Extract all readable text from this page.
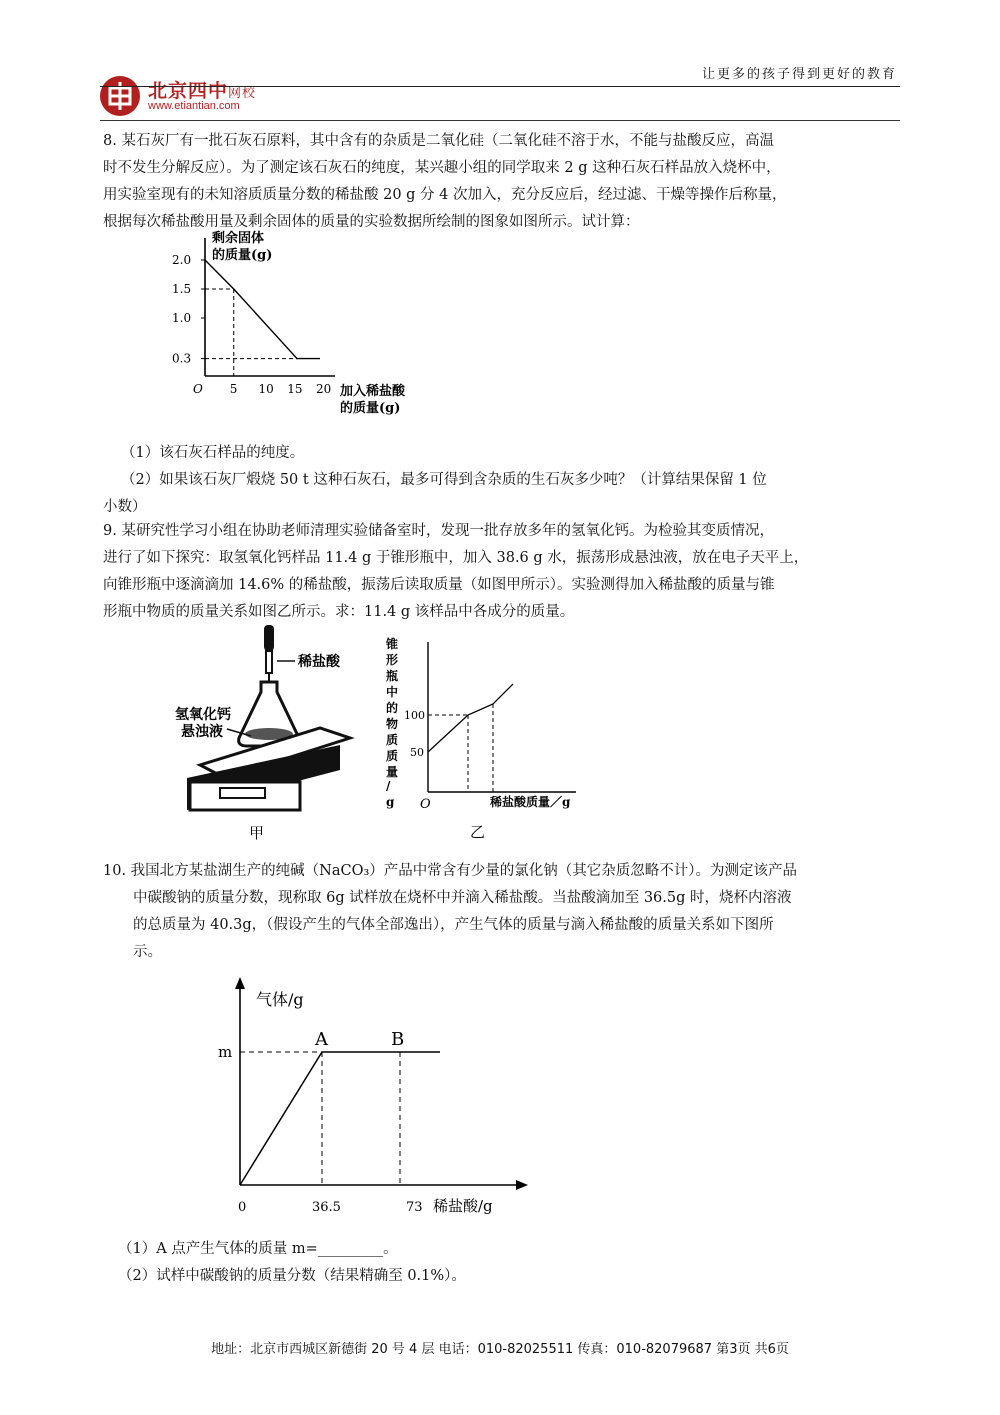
北京四中网校
www.etiantian.com
让更多的孩子得到更好的教育
8. 某石灰厂有一批石灰石原料，其中含有的杂质是二氧化硅（二氧化硅不溶于水，不能与盐酸反应，高温
时不发生分解反应）。为了测定该石灰石的纯度，某兴趣小组的同学取来 2 g 这种石灰石样品放入烧杯中，
用实验室现有的未知溶质质量分数的稀盐酸 20 g 分 4 次加入，充分反应后，经过滤、干燥等操作后称量，
根据每次稀盐酸用量及剩余固体的质量的实验数据所绘制的图象如图所示。试计算：
剩余固体
的质量(g)
2.0
1.5
1.0
0.3
O 5 10 15 20 加入稀盐酸
的质量(g)
（1）该石灰石样品的纯度。
（2）如果该石灰厂煅烧 50 t 这种石灰石，最多可得到含杂质的生石灰多少吨？（计算结果保留 1 位
小数）
9. 某研究性学习小组在协助老师清理实验储备室时，发现一批存放多年的氢氧化钙。为检验其变质情况，
进行了如下探究：取氢氧化钙样品 11.4 g 于锥形瓶中，加入 38.6 g 水，振荡形成悬浊液，放在电子天平上，
向锥形瓶中逐滴滴加 14.6% 的稀盐酸，振荡后读取质量（如图甲所示）。实验测得加入稀盐酸的质量与锥
形瓶中物质的质量关系如图乙所示。求：11.4 g 该样品中各成分的质量。
稀盐酸
氢氧化钙
悬浊液
甲
锥
形
瓶
中
的
物
质
质
量
/
g
100
50
O	稀盐酸质量／g
乙
10. 我国北方某盐湖生产的纯碱（NaCO₃）产品中常含有少量的氯化钠（其它杂质忽略不计）。为测定该产品
中碳酸钠的质量分数，现称取 6g 试样放在烧杯中并滴入稀盐酸。当盐酸滴加至 36.5g 时，烧杯内溶液
的总质量为 40.3g，（假设产生的气体全部逸出），产生气体的质量与滴入稀盐酸的质量关系如下图所
示。
气体/g
m
A	B
0	36.5	73 稀盐酸/g
（1）A 点产生气体的质量 m=_________。
（2）试样中碳酸钠的质量分数（结果精确至 0.1%）。
地址：北京市西城区新德街 20 号 4 层 电话：010-82025511 传真：010-82079687 第3页 共6页
